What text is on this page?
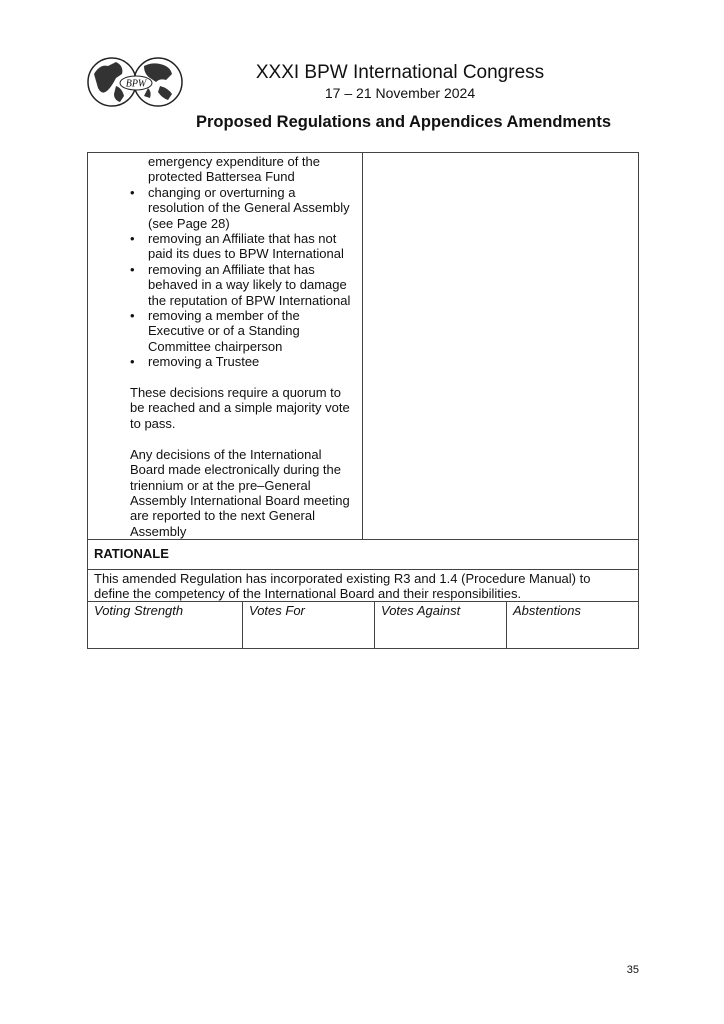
BPW
XXXI BPW International Congress
17 – 21 November 2024
Proposed Regulations and Appendices Amendments
emergency expenditure of the
protected Battersea Fund
• changing or overturning a
resolution of the General Assembly
(see Page 28)
• removing an Affiliate that has not
paid its dues to BPW International
• removing an Affiliate that has
behaved in a way likely to damage
the reputation of BPW International
• removing a member of the
Executive or of a Standing
Committee chairperson
• removing a Trustee
These decisions require a quorum to
be reached and a simple majority vote
to pass.
Any decisions of the International
Board made electronically during the
triennium or at the pre–General
Assembly International Board meeting
are reported to the next General
Assembly
RATIONALE
This amended Regulation has incorporated existing R3 and 1.4 (Procedure Manual) to
define the competency of the International Board and their responsibilities.
Voting Strength	Votes For	Votes Against	Abstentions
35
